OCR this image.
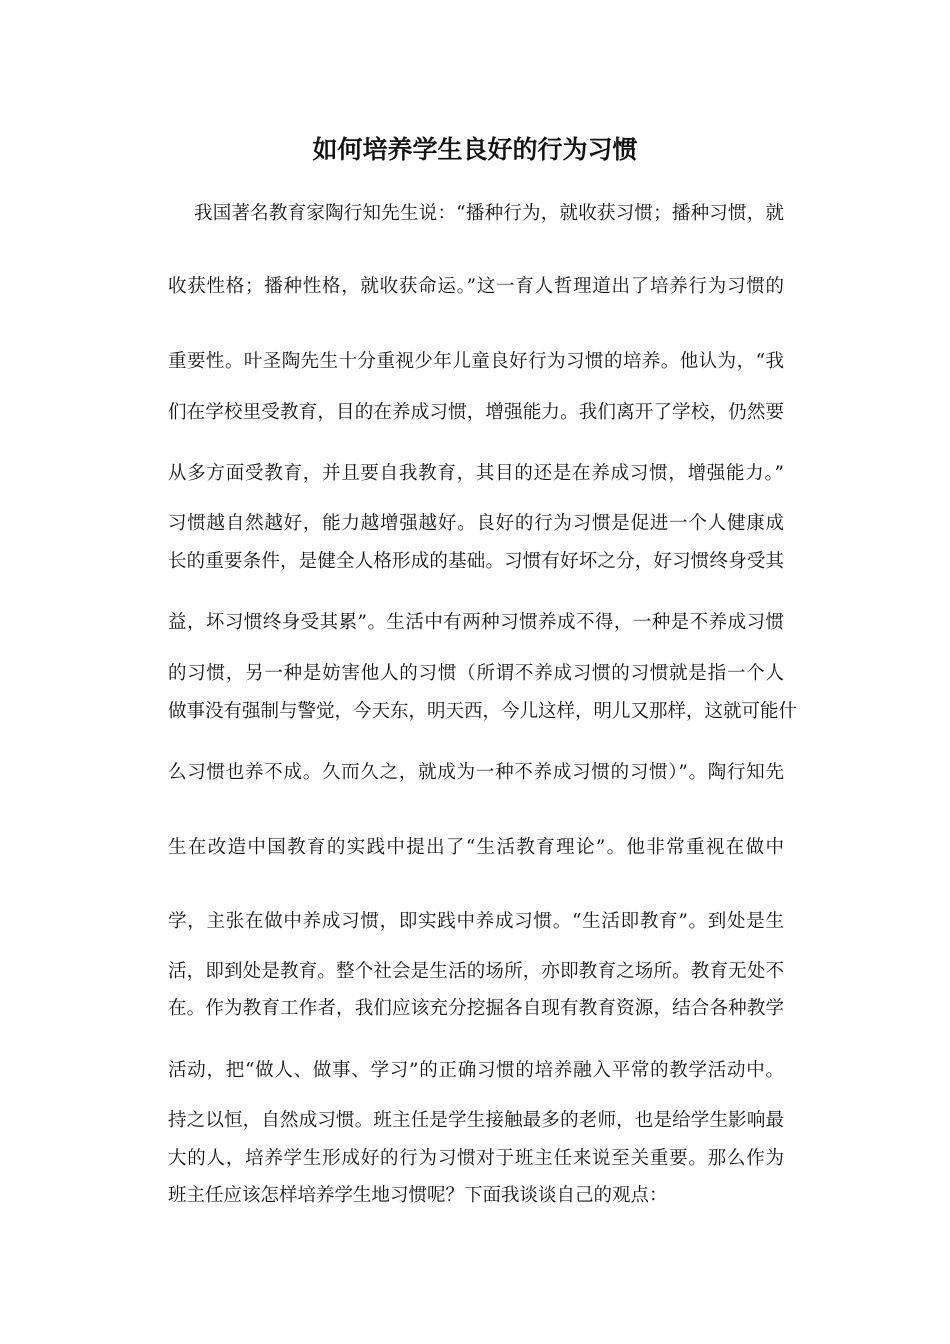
如何培养学生良好的行为习惯

我国著名教育家陶行知先生说：“播种行为，就收获习惯；播种习惯，就

收获性格；播种性格，就收获命运。”这一育人哲理道出了培养行为习惯的

重要性。叶圣陶先生十分重视少年儿童良好行为习惯的培养。他认为，“我

们在学校里受教育，目的在养成习惯，增强能力。我们离开了学校，仍然要

从多方面受教育，并且要自我教育，其目的还是在养成习惯，增强能力。”

习惯越自然越好，能力越增强越好。良好的行为习惯是促进一个人健康成

长的重要条件，是健全人格形成的基础。习惯有好坏之分，好习惯终身受其

益，坏习惯终身受其累”。生活中有两种习惯养成不得，一种是不养成习惯

的习惯，另一种是妨害他人的习惯（所谓不养成习惯的习惯就是指一个人

做事没有强制与警觉，今天东，明天西，今儿这样，明儿又那样，这就可能什

么习惯也养不成。久而久之，就成为一种不养成习惯的习惯）”。陶行知先

生在改造中国教育的实践中提出了“生活教育理论”。他非常重视在做中

学，主张在做中养成习惯，即实践中养成习惯。“生活即教育”。到处是生

活，即到处是教育。整个社会是生活的场所，亦即教育之场所。教育无处不

在。作为教育工作者，我们应该充分挖掘各自现有教育资源，结合各种教学

活动，把“做人、做事、学习”的正确习惯的培养融入平常的教学活动中。

持之以恒，自然成习惯。班主任是学生接触最多的老师，也是给学生影响最

大的人，培养学生形成好的行为习惯对于班主任来说至关重要。那么作为

班主任应该怎样培养学生地习惯呢？下面我谈谈自己的观点：
